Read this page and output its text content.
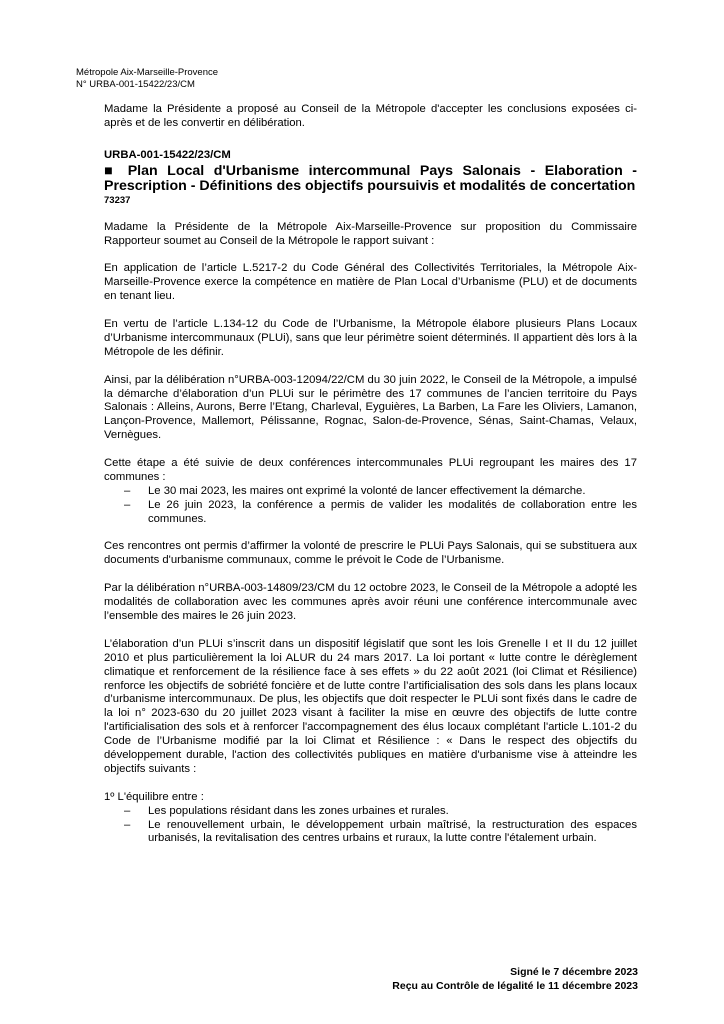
Métropole Aix-Marseille-Provence
N° URBA-001-15422/23/CM

Madame la Présidente a proposé au Conseil de la Métropole d'accepter les conclusions exposées ci-après et de les convertir en délibération.

URBA-001-15422/23/CM
■ Plan Local d'Urbanisme intercommunal Pays Salonais - Elaboration - Prescription - Définitions des objectifs poursuivis et modalités de concertation
73237

Madame la Présidente de la Métropole Aix-Marseille-Provence sur proposition du Commissaire Rapporteur soumet au Conseil de la Métropole le rapport suivant :

En application de l’article L.5217-2 du Code Général des Collectivités Territoriales, la Métropole Aix-Marseille-Provence exerce la compétence en matière de Plan Local d’Urbanisme (PLU) et de documents en tenant lieu.

En vertu de l’article L.134-12 du Code de l’Urbanisme, la Métropole élabore plusieurs Plans Locaux d’Urbanisme intercommunaux (PLUi), sans que leur périmètre soient déterminés. Il appartient dès lors à la Métropole de les définir.

Ainsi, par la délibération n°URBA-003-12094/22/CM du 30 juin 2022, le Conseil de la Métropole, a impulsé la démarche d’élaboration d’un PLUi sur le périmètre des 17 communes de l’ancien territoire du Pays Salonais : Alleins, Aurons, Berre l’Etang, Charleval, Eyguières, La Barben, La Fare les Oliviers, Lamanon, Lançon-Provence, Mallemort, Pélissanne, Rognac, Salon-de-Provence, Sénas, Saint-Chamas, Velaux, Vernègues.

Cette étape a été suivie de deux conférences intercommunales PLUi regroupant les maires des 17 communes :

– Le 30 mai 2023, les maires ont exprimé la volonté de lancer effectivement la démarche.
– Le 26 juin 2023, la conférence a permis de valider les modalités de collaboration entre les communes.

Ces rencontres ont permis d’affirmer la volonté de prescrire le PLUi Pays Salonais, qui se substituera aux documents d'urbanisme communaux, comme le prévoit le Code de l’Urbanisme.

Par la délibération n°URBA-003-14809/23/CM du 12 octobre 2023, le Conseil de la Métropole a adopté les modalités de collaboration avec les communes après avoir réuni une conférence intercommunale avec l’ensemble des maires le 26 juin 2023.

L’élaboration d’un PLUi s’inscrit dans un dispositif législatif que sont les lois Grenelle I et II du 12 juillet 2010 et plus particulièrement la loi ALUR du 24 mars 2017. La loi portant « lutte contre le dérèglement climatique et renforcement de la résilience face à ses effets » du 22 août 2021 (loi Climat et Résilience) renforce les objectifs de sobriété foncière et de lutte contre l’artificialisation des sols dans les plans locaux d’urbanisme intercommunaux. De plus, les objectifs que doit respecter le PLUi sont fixés dans le cadre de la loi n° 2023-630 du 20 juillet 2023 visant à faciliter la mise en œuvre des objectifs de lutte contre l'artificialisation des sols et à renforcer l'accompagnement des élus locaux complétant l'article L.101-2 du Code de l’Urbanisme modifié par la loi Climat et Résilience : « Dans le respect des objectifs du développement durable, l'action des collectivités publiques en matière d'urbanisme vise à atteindre les objectifs suivants :

1º L'équilibre entre :

– Les populations résidant dans les zones urbaines et rurales.
– Le renouvellement urbain, le développement urbain maîtrisé, la restructuration des espaces urbanisés, la revitalisation des centres urbains et ruraux, la lutte contre l'étalement urbain.
Signé le 7 décembre 2023
Reçu au Contrôle de légalité le 11 décembre 2023
